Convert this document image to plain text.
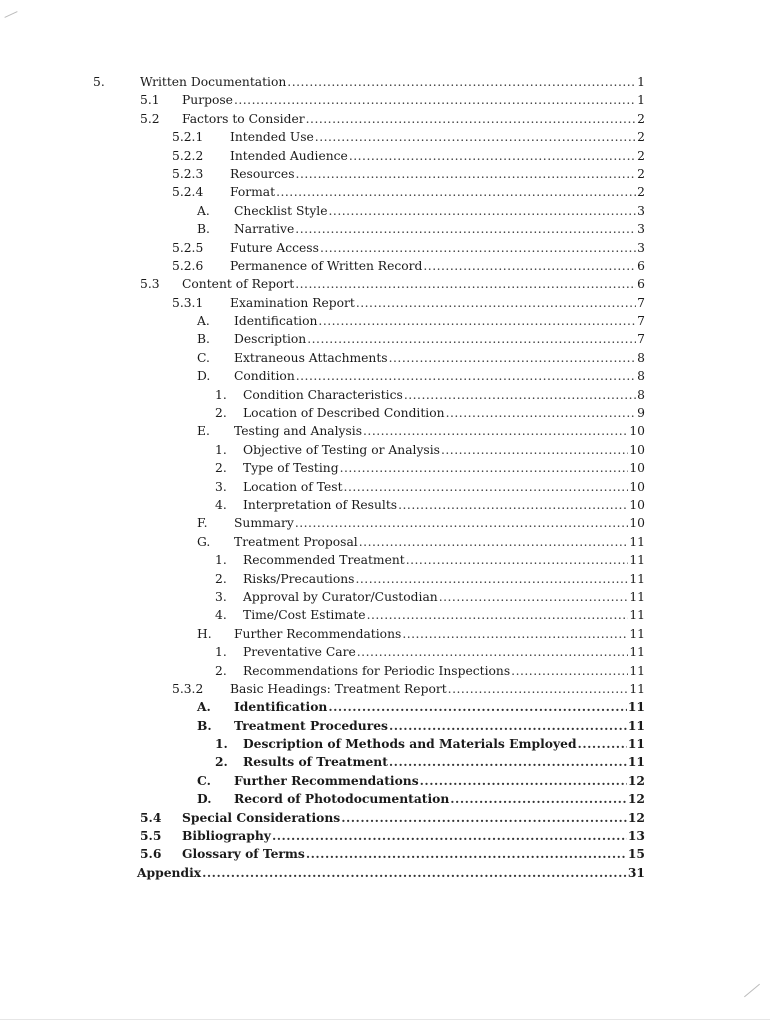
5.	Written Documentation .....	1
5.1 Purpose .....	1
5.2 Factors to Consider .....	2
5.2.1 Intended Use .....	2
5.2.2 Intended Audience .....	2
5.2.3 Resources .....	2
5.2.4 Format .....	2
A. Checklist Style .....	3
B. Narrative .....	3
5.2.5 Future Access .....	3
5.2.6 Permanence of Written Record .....	6
5.3 Content of Report .....	6
5.3.1 Examination Report .....	7
A. Identification .....	7
B. Description .....	7
C. Extraneous Attachments .....	8
D. Condition .....	8
1. Condition Characteristics .....	8
2. Location of Described Condition .....	9
E. Testing and Analysis .....	10
1. Objective of Testing or Analysis .....	10
2. Type of Testing .....	10
3. Location of Test .....	10
4. Interpretation of Results .....	10
F. Summary .....	10
G. Treatment Proposal .....	11
1. Recommended Treatment .....	11
2. Risks/Precautions .....	11
3. Approval by Curator/Custodian .....	11
4. Time/Cost Estimate .....	11
H. Further Recommendations .....	11
1. Preventative Care .....	11
2. Recommendations for Periodic Inspections .....	11
5.3.2 Basic Headings: Treatment Report .....	11
A. Identification .....	11
B. Treatment Procedures .....	11
1. Description of Methods and Materials Employed .....	11
2. Results of Treatment .....	11
C. Further Recommendations .....	12
D. Record of Photodocumentation .....	12
5.4 Special Considerations .....	12
5.5 Bibliography .....	13
5.6 Glossary of Terms .....	15
Appendix .....	31
